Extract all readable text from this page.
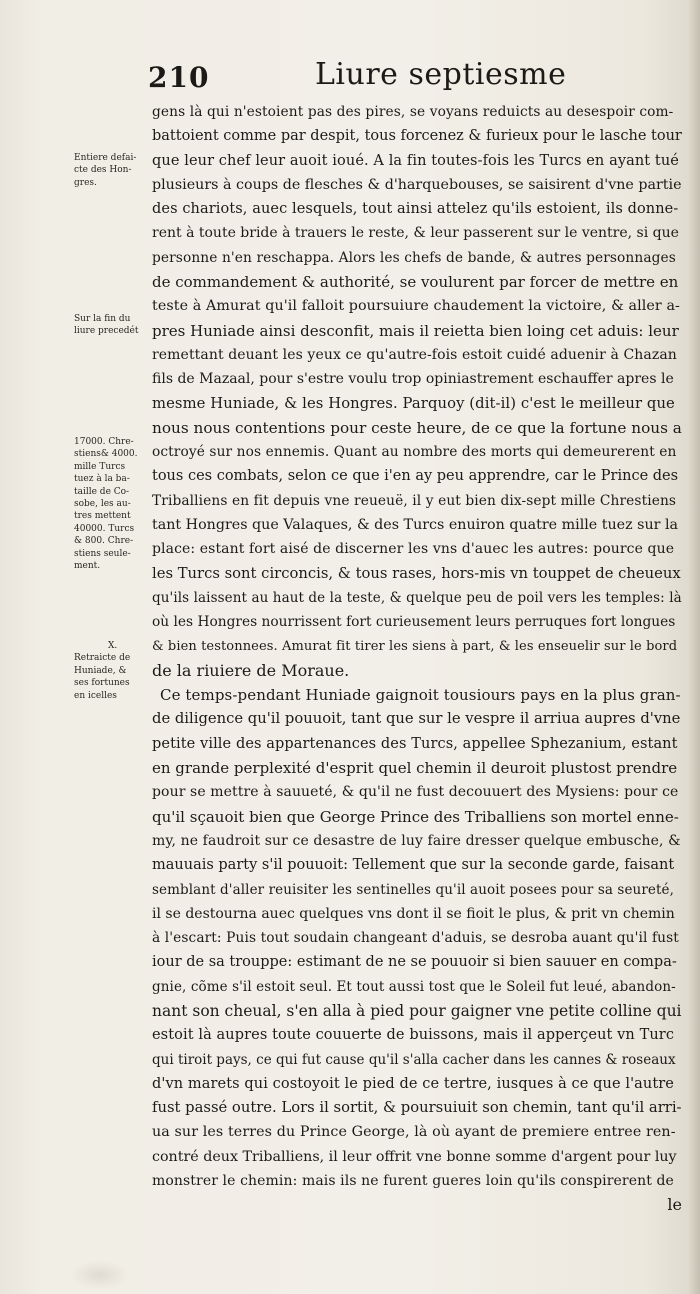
210	Liure septiesme
Entiere defai-
cte des Hon-
gres.
Sur la fin du
liure precedét
17000. Chre-
stiens& 4000.
mille Turcs
tuez à la ba-
taille de Co-
sobe, les au-
tres mettent
40000. Turcs
& 800. Chre-
stiens seule-
ment.
X.
Retraicte de
Huniade, &
ses fortunes
en icelles
gens là qui n'estoient pas des pires, se voyans reduicts au desespoir com-
battoient comme par despit, tous forcenez & furieux pour le lasche tour
que leur chef leur auoit ioué. A la fin toutes-fois les Turcs en ayant tué
plusieurs à coups de flesches & d'harquebouses, se saisirent d'vne partie
des chariots, auec lesquels, tout ainsi attelez qu'ils estoient, ils donne-
rent à toute bride à trauers le reste, & leur passerent sur le ventre, si que
personne n'en reschappa. Alors les chefs de bande, & autres personnages
de commandement & authorité, se voulurent par forcer de mettre en
teste à Amurat qu'il falloit poursuiure chaudement la victoire, & aller a-
pres Huniade ainsi desconfit, mais il reietta bien loing cet aduis: leur
remettant deuant les yeux ce qu'autre-fois estoit cuidé aduenir à Chazan
fils de Mazaal, pour s'estre voulu trop opiniastrement eschauffer apres le
mesme Huniade, & les Hongres. Parquoy (dit-il) c'est le meilleur que
nous nous contentions pour ceste heure, de ce que la fortune nous a
octroyé sur nos ennemis. Quant au nombre des morts qui demeurerent en
tous ces combats, selon ce que i'en ay peu apprendre, car le Prince des
Triballiens en fit depuis vne reueuë, il y eut bien dix-sept mille Chrestiens
tant Hongres que Valaques, & des Turcs enuiron quatre mille tuez sur la
place: estant fort aisé de discerner les vns d'auec les autres: pource que
les Turcs sont circoncis, & tous rases, hors-mis vn touppet de cheueux
qu'ils laissent au haut de la teste, & quelque peu de poil vers les temples: là
où les Hongres nourrissent fort curieusement leurs perruques fort longues
& bien testonnees. Amurat fit tirer les siens à part, & les enseuelir sur le bord
de la riuiere de Moraue.
Ce temps-pendant Huniade gaignoit tousiours pays en la plus gran-
de diligence qu'il pouuoit, tant que sur le vespre il arriua aupres d'vne
petite ville des appartenances des Turcs, appellee Sphezanium, estant
en grande perplexité d'esprit quel chemin il deuroit plustost prendre
pour se mettre à sauueté, & qu'il ne fust decouuert des Mysiens: pour ce
qu'il sçauoit bien que George Prince des Triballiens son mortel enne-
my, ne faudroit sur ce desastre de luy faire dresser quelque embusche, &
mauuais party s'il pouuoit: Tellement que sur la seconde garde, faisant
semblant d'aller reuisiter les sentinelles qu'il auoit posees pour sa seureté,
il se destourna auec quelques vns dont il se fioit le plus, & prit vn chemin
à l'escart: Puis tout soudain changeant d'aduis, se desroba auant qu'il fust
iour de sa trouppe: estimant de ne se pouuoir si bien sauuer en compa-
gnie, cõme s'il estoit seul. Et tout aussi tost que le Soleil fut leué, abandon-
nant son cheual, s'en alla à pied pour gaigner vne petite colline qui
estoit là aupres toute couuerte de buissons, mais il apperçeut vn Turc
qui tiroit pays, ce qui fut cause qu'il s'alla cacher dans les cannes & roseaux
d'vn marets qui costoyoit le pied de ce tertre, iusques à ce que l'autre
fust passé outre. Lors il sortit, & poursuiuit son chemin, tant qu'il arri-
ua sur les terres du Prince George, là où ayant de premiere entree ren-
contré deux Triballiens, il leur offrit vne bonne somme d'argent pour luy
monstrer le chemin: mais ils ne furent gueres loin qu'ils conspirerent de
le
